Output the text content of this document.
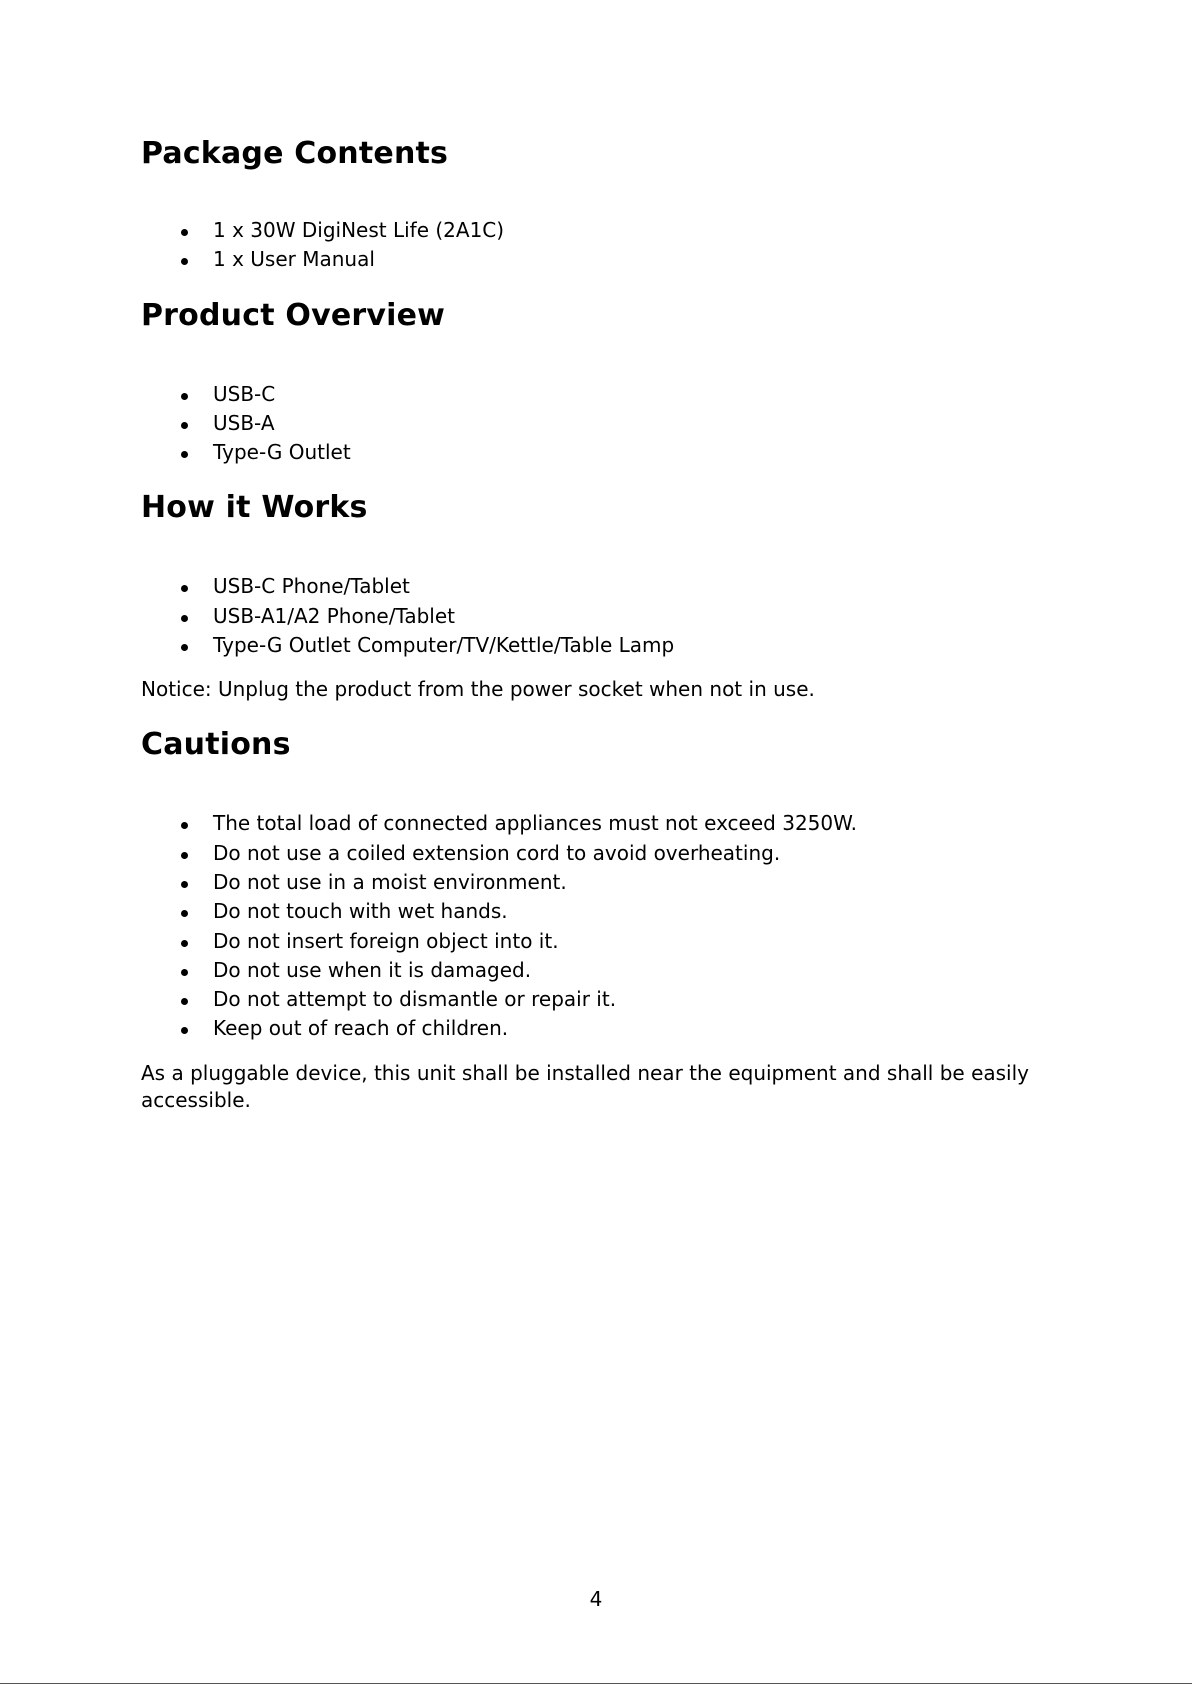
Package Contents
1 x 30W DigiNest Life (2A1C)
1 x User Manual
Product Overview
USB-C
USB-A
Type-G Outlet
How it Works
USB-C Phone/Tablet
USB-A1/A2 Phone/Tablet
Type-G Outlet Computer/TV/Kettle/Table Lamp

Notice: Unplug the product from the power socket when not in use.

Cautions
The total load of connected appliances must not exceed 3250W.
Do not use a coiled extension cord to avoid overheating.
Do not use in a moist environment.
Do not touch with wet hands.
Do not insert foreign object into it.
Do not use when it is damaged.
Do not attempt to dismantle or repair it.
Keep out of reach of children.

As a pluggable device, this unit shall be installed near the equipment and shall be easily accessible.

4
